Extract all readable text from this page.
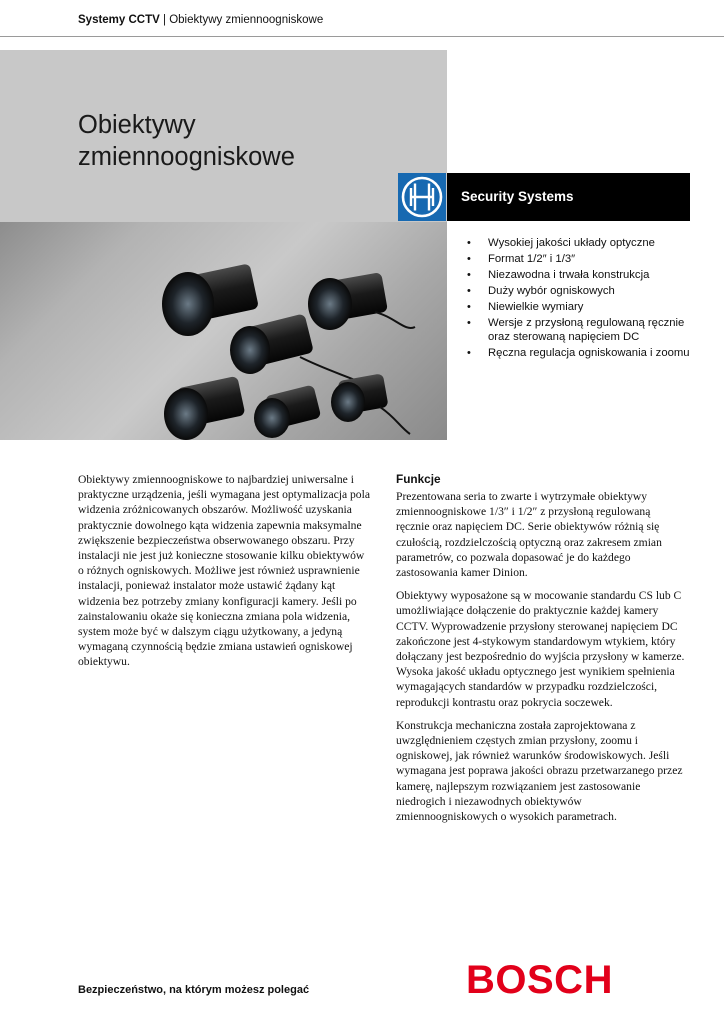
Systemy CCTV | Obiektywy zmiennoogniskowe
Obiektywy
zmiennoogniskowe
Security Systems
• Wysokiej jakości układy optyczne
• Format 1/2″ i 1/3″
• Niezawodna i trwała konstrukcja
• Duży wybór ogniskowych
• Niewielkie wymiary
• Wersje z przysłoną regulowaną ręcznie oraz sterowaną napięciem DC
• Ręczna regulacja ogniskowania i zoomu

Obiektywy zmiennoogniskowe to najbardziej uniwersalne i praktyczne urządzenia, jeśli wymagana jest optymalizacja pola widzenia zróżnicowanych obszarów. Możliwość uzyskania praktycznie dowolnego kąta widzenia zapewnia maksymalne zwiększenie bezpieczeństwa obserwowanego obszaru. Przy instalacji nie jest już konieczne stosowanie kilku obiektywów o różnych ogniskowych. Możliwe jest również usprawnienie instalacji, ponieważ instalator może ustawić żądany kąt widzenia bez potrzeby zmiany konfiguracji kamery. Jeśli po zainstalowaniu okaże się konieczna zmiana pola widzenia, system może być w dalszym ciągu użytkowany, a jedyną wymaganą czynnością będzie zmiana ustawień ogniskowej obiektywu.

Funkcje

Prezentowana seria to zwarte i wytrzymałe obiektywy zmiennoogniskowe 1/3″ i 1/2″ z przysłoną regulowaną ręcznie oraz napięciem DC. Serie obiektywów różnią się czułością, rozdzielczością optyczną oraz zakresem zmian parametrów, co pozwala dopasować je do każdego zastosowania kamer Dinion.

Obiektywy wyposażone są w mocowanie standardu CS lub C umożliwiające dołączenie do praktycznie każdej kamery CCTV. Wyprowadzenie przysłony sterowanej napięciem DC zakończone jest 4-stykowym standardowym wtykiem, który dołączany jest bezpośrednio do wyjścia przysłony w kamerze. Wysoka jakość układu optycznego jest wynikiem spełnienia wymagających standardów w przypadku rozdzielczości, reprodukcji kontrastu oraz pokrycia soczewek.

Konstrukcja mechaniczna została zaprojektowana z uwzględnieniem częstych zmian przysłony, zoomu i ogniskowej, jak również warunków środowiskowych. Jeśli wymagana jest poprawa jakości obrazu przetwarzanego przez kamerę, najlepszym rozwiązaniem jest zastosowanie niedrogich i niezawodnych obiektywów zmiennoogniskowych o wysokich parametrach.

Bezpieczeństwo, na którym możesz polegać	BOSCH
